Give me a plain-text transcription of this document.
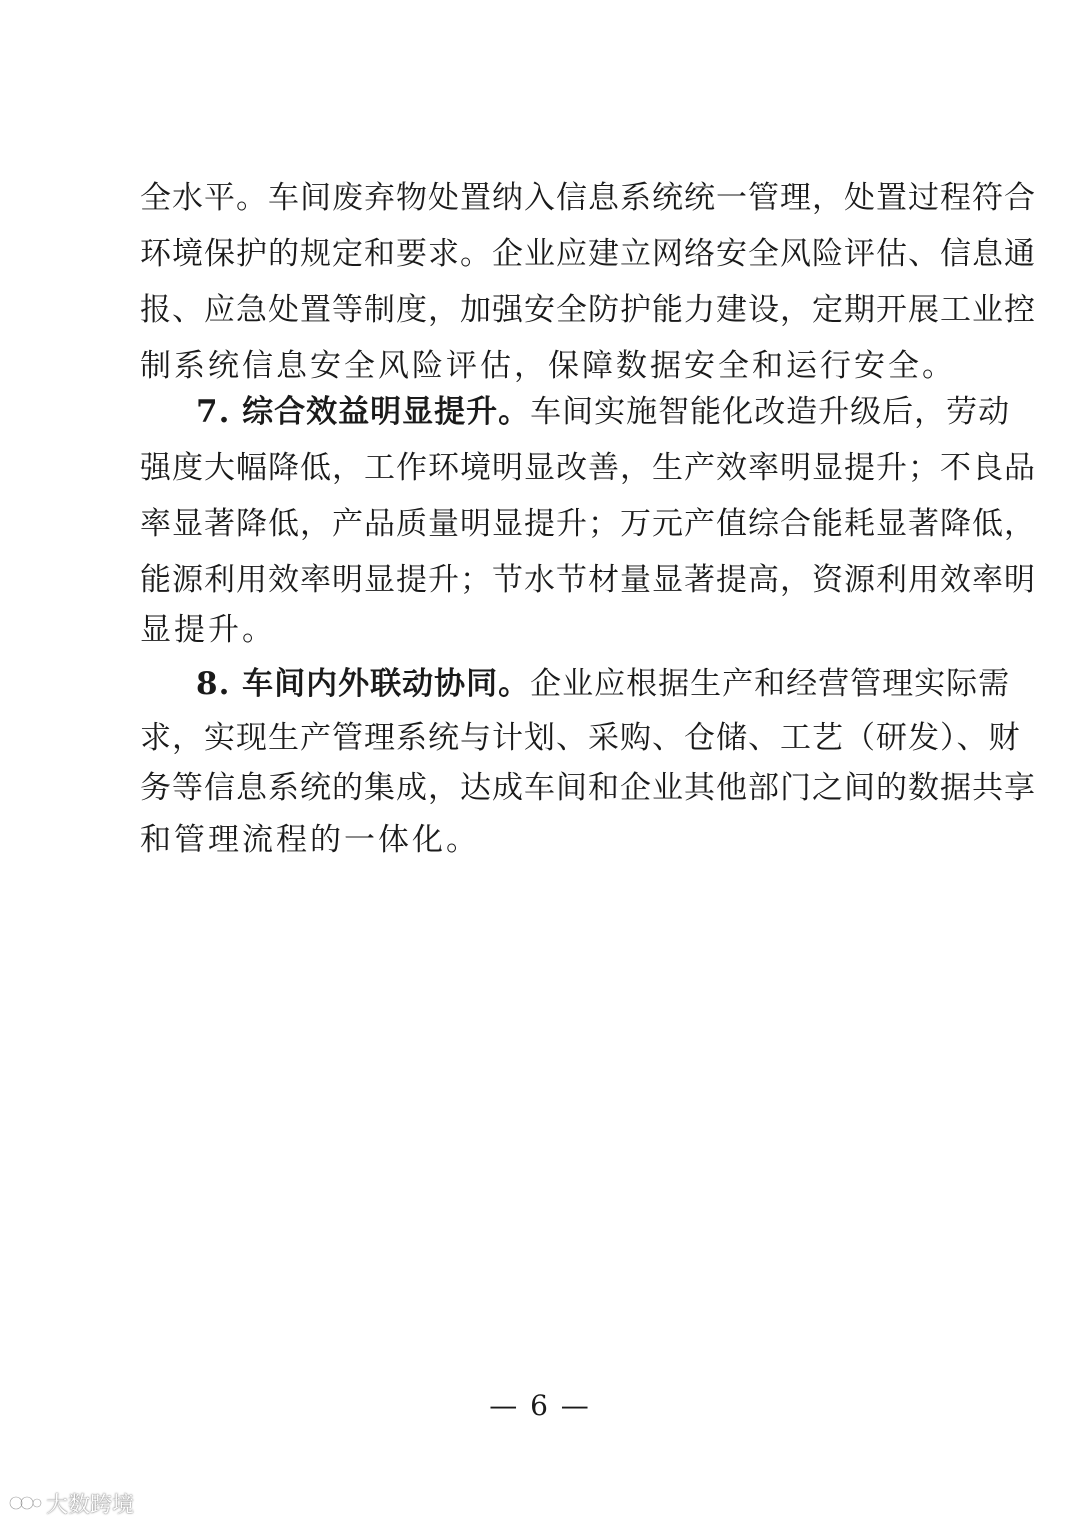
全水平。车间废弃物处置纳入信息系统统一管理，处置过程符合
环境保护的规定和要求。企业应建立网络安全风险评估、信息通
报、应急处置等制度，加强安全防护能力建设，定期开展工业控
制系统信息安全风险评估，保障数据安全和运行安全。
7. 综合效益明显提升。车间实施智能化改造升级后，劳动
强度大幅降低，工作环境明显改善，生产效率明显提升；不良品
率显著降低，产品质量明显提升；万元产值综合能耗显著降低，
能源利用效率明显提升；节水节材量显著提高，资源利用效率明
显提升。
8. 车间内外联动协同。企业应根据生产和经营管理实际需
求，实现生产管理系统与计划、采购、仓储、工艺（研发）、财
务等信息系统的集成，达成车间和企业其他部门之间的数据共享
和管理流程的一体化。
— 6 —
大数跨境
